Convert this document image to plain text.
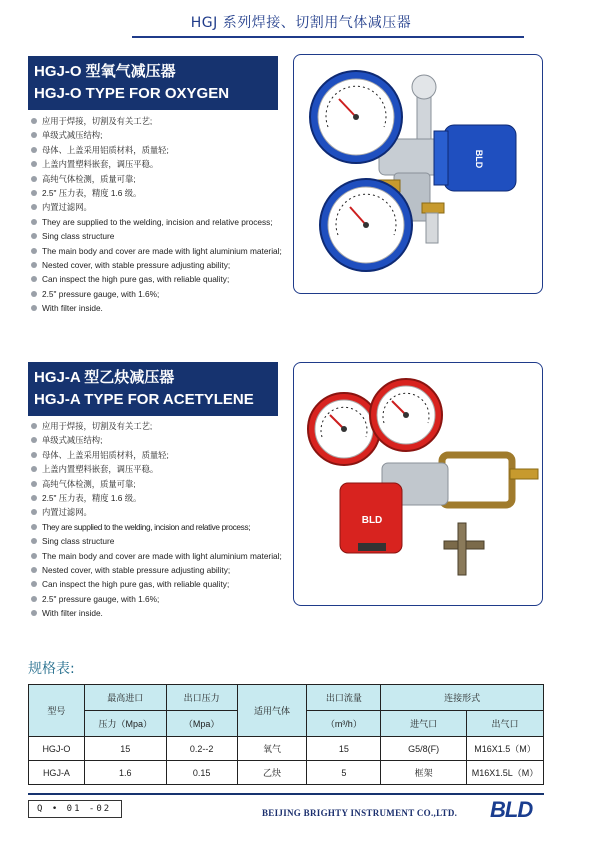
HGJ 系列焊接、切割用气体减压器
HGJ-O 型氧气减压器
HGJ-O TYPE FOR OXYGEN
应用于焊接，切割及有关工艺;
单级式减压结构;
母体、上盖采用铝质材料，质量轻;
上盖内置塑料嵌套，调压平稳。
高纯气体检测，质量可靠;
2.5" 压力表，精度 1.6 级。
内置过滤网。
They are supplied to the welding, incision and relative process;
Sing class structure
The main body and cover are made with light aluminium material;
Nested cover, with stable pressure adjusting ability;
Can inspect the high pure gas, with reliable quality;
2.5" pressure gauge, with 1.6%;
With filter inside.
BLD
HGJ-A 型乙炔减压器
HGJ-A TYPE FOR ACETYLENE
应用于焊接，切割及有关工艺;
单级式减压结构;
母体、上盖采用铝质材料，质量轻;
上盖内置塑料嵌套，调压平稳。
高纯气体检测，质量可靠;
2.5" 压力表，精度 1.6 级。
内置过滤网。
They are supplied to the welding, incision and relative process;
Sing class structure
The main body and cover are made with light aluminium material;
Nested cover, with stable pressure adjusting ability;
Can inspect the high pure gas, with reliable quality;
2.5" pressure gauge, with 1.6%;
With filter inside.
BLD
规格表:
型号	最高进口	出口压力	适用气体	出口流量	连接形式	
	压力（Mpa）	（Mpa）		（m³/h）	进气口	出气口
HGJ-O	15	0.2--2	氧气	15	G5/8(F)	M16X1.5（M）
HGJ-A	1.6	0.15	乙炔	5	框架	M16X1.5L（M）
Q • 01 -02	BEIJING BRIGHTY INSTRUMENT CO.,LTD. BLD
